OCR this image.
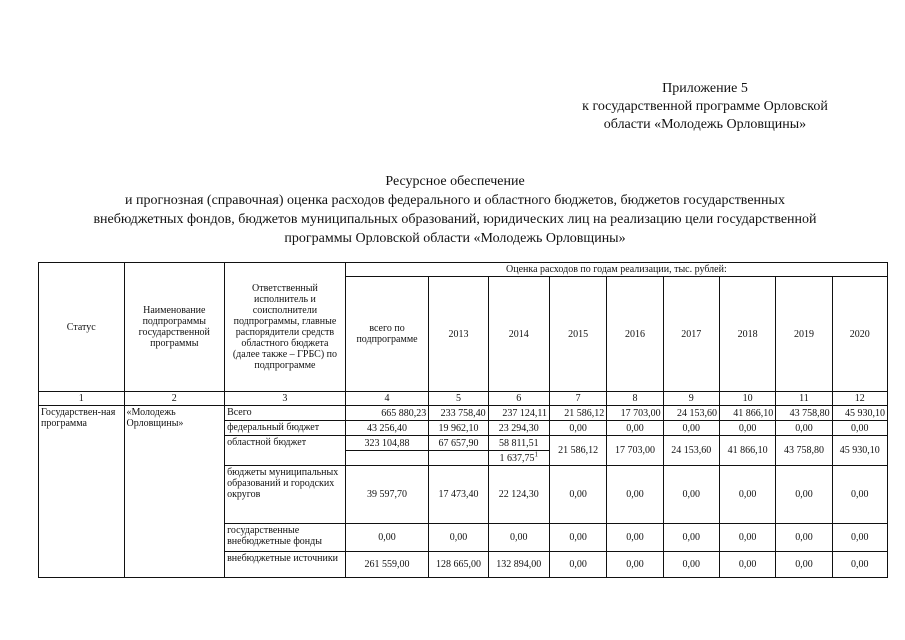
Приложение 5
к государственной программе Орловской
области «Молодежь Орловщины»
Ресурсное обеспечение
и прогнозная (справочная) оценка расходов федерального и областного бюджетов, бюджетов государственных
внебюджетных фондов, бюджетов муниципальных образований, юридических лиц на реализацию цели государственной
программы Орловской области «Молодежь Орловщины»
Статус	Наименование подпрограммы государственной программы	Ответственный исполнитель и соисполнители подпрограммы, главные распорядители средств областного бюджета (далее также – ГРБС) по подпрограмме	Оценка расходов по годам реализации, тыс. рублей:								
			всего по подпрограмме	2013	2014	2015	2016	2017	2018	2019	2020
1	2	3	4	5	6	7	8	9	10	11	12
Государствен-ная программа	«Молодежь Орловщины»	Всего	665 880,23	233 758,40	237 124,11	21 586,12	17 703,00	24 153,60	41 866,10	43 758,80	45 930,10
		федеральный бюджет	43 256,40	19 962,10	23 294,30	0,00	0,00	0,00	0,00	0,00	0,00
		областной бюджет	323 104,88	67 657,90	58 811,51	21 586,12	17 703,00	24 153,60	41 866,10	43 758,80	45 930,10
					1 637,75$^1$
		бюджеты муниципальных образований и городских округов	39 597,70	17 473,40	22 124,30	0,00	0,00	0,00	0,00	0,00	0,00
		государственные внебюджетные фонды	0,00	0,00	0,00	0,00	0,00	0,00	0,00	0,00	0,00
		внебюджетные источники	261 559,00	128 665,00	132 894,00	0,00	0,00	0,00	0,00	0,00	0,00
